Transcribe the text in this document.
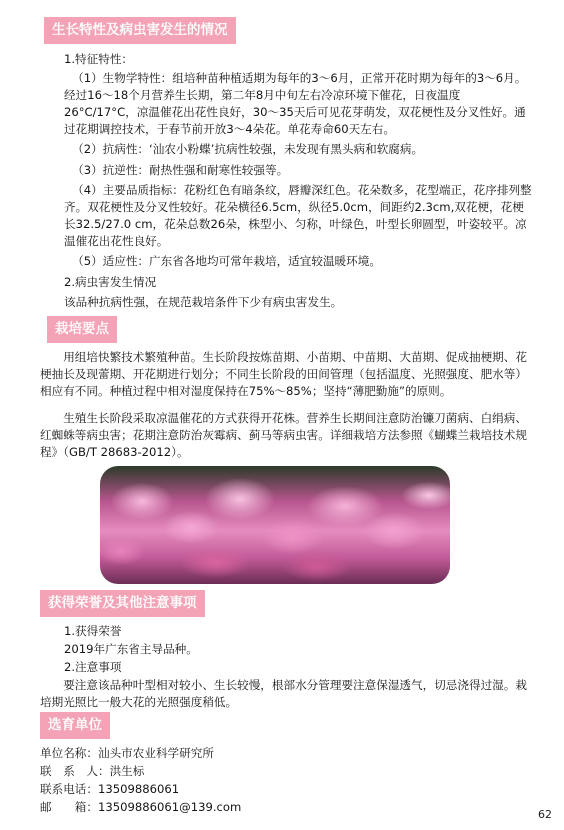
生长特性及病虫害发生的情况

1.特征特性：

（1）生物学特性：组培种苗种植适期为每年的3～6月，正常开花时期为每年的3～6月。经过16～18个月营养生长期，第二年8月中旬左右冷凉环境下催花，日夜温度26°C/17°C，凉温催花出花性良好，30～35天后可见花芽萌发，双花梗性及分叉性好。通过花期调控技术，于春节前开放3～4朵花。单花寿命60天左右。

（2）抗病性：‘汕农小粉蝶’抗病性较强，未发现有黑头病和软腐病。

（3）抗逆性：耐热性强和耐寒性较强等。

（4）主要品质指标：花粉红色有暗条纹，唇瓣深红色。花朵数多，花型端正，花序排列整齐。双花梗性及分叉性较好。花朵横径6.5cm，纵径5.0cm，间距约2.3cm,双花梗，花梗长32.5/27.0 cm，花朵总数26朵，株型小、匀称，叶绿色，叶型长卵圆型，叶姿较平。凉温催花出花性良好。

（5）适应性：广东省各地均可常年栽培，适宜较温暖环境。

2.病虫害发生情况

该品种抗病性强，在规范栽培条件下少有病虫害发生。

栽培要点

用组培快繁技术繁殖种苗。生长阶段按炼苗期、小苗期、中苗期、大苗期、促成抽梗期、花梗抽长及现蕾期、开花期进行划分；不同生长阶段的田间管理（包括温度、光照强度、肥水等）相应有不同。种植过程中相对湿度保持在75%～85%；坚持“薄肥勤施”的原则。

生殖生长阶段采取凉温催花的方式获得开花株。营养生长期间注意防治镰刀菌病、白绢病、红蜘蛛等病虫害；花期注意防治灰霉病、蓟马等病虫害。详细栽培方法参照《蝴蝶兰栽培技术规程》（GB/T 28683-2012）。

获得荣誉及其他注意事项

1.获得荣誉

2019年广东省主导品种。

2.注意事项

要注意该品种叶型相对较小、生长较慢，根部水分管理要注意保湿透气，切忌浇得过湿。栽培期光照比一般大花的光照强度稍低。

选育单位

单位名称：汕头市农业科学研究所

联　系　人：洪生标

联系电话：13509886061

邮　　箱：13509886061@139.com

62
